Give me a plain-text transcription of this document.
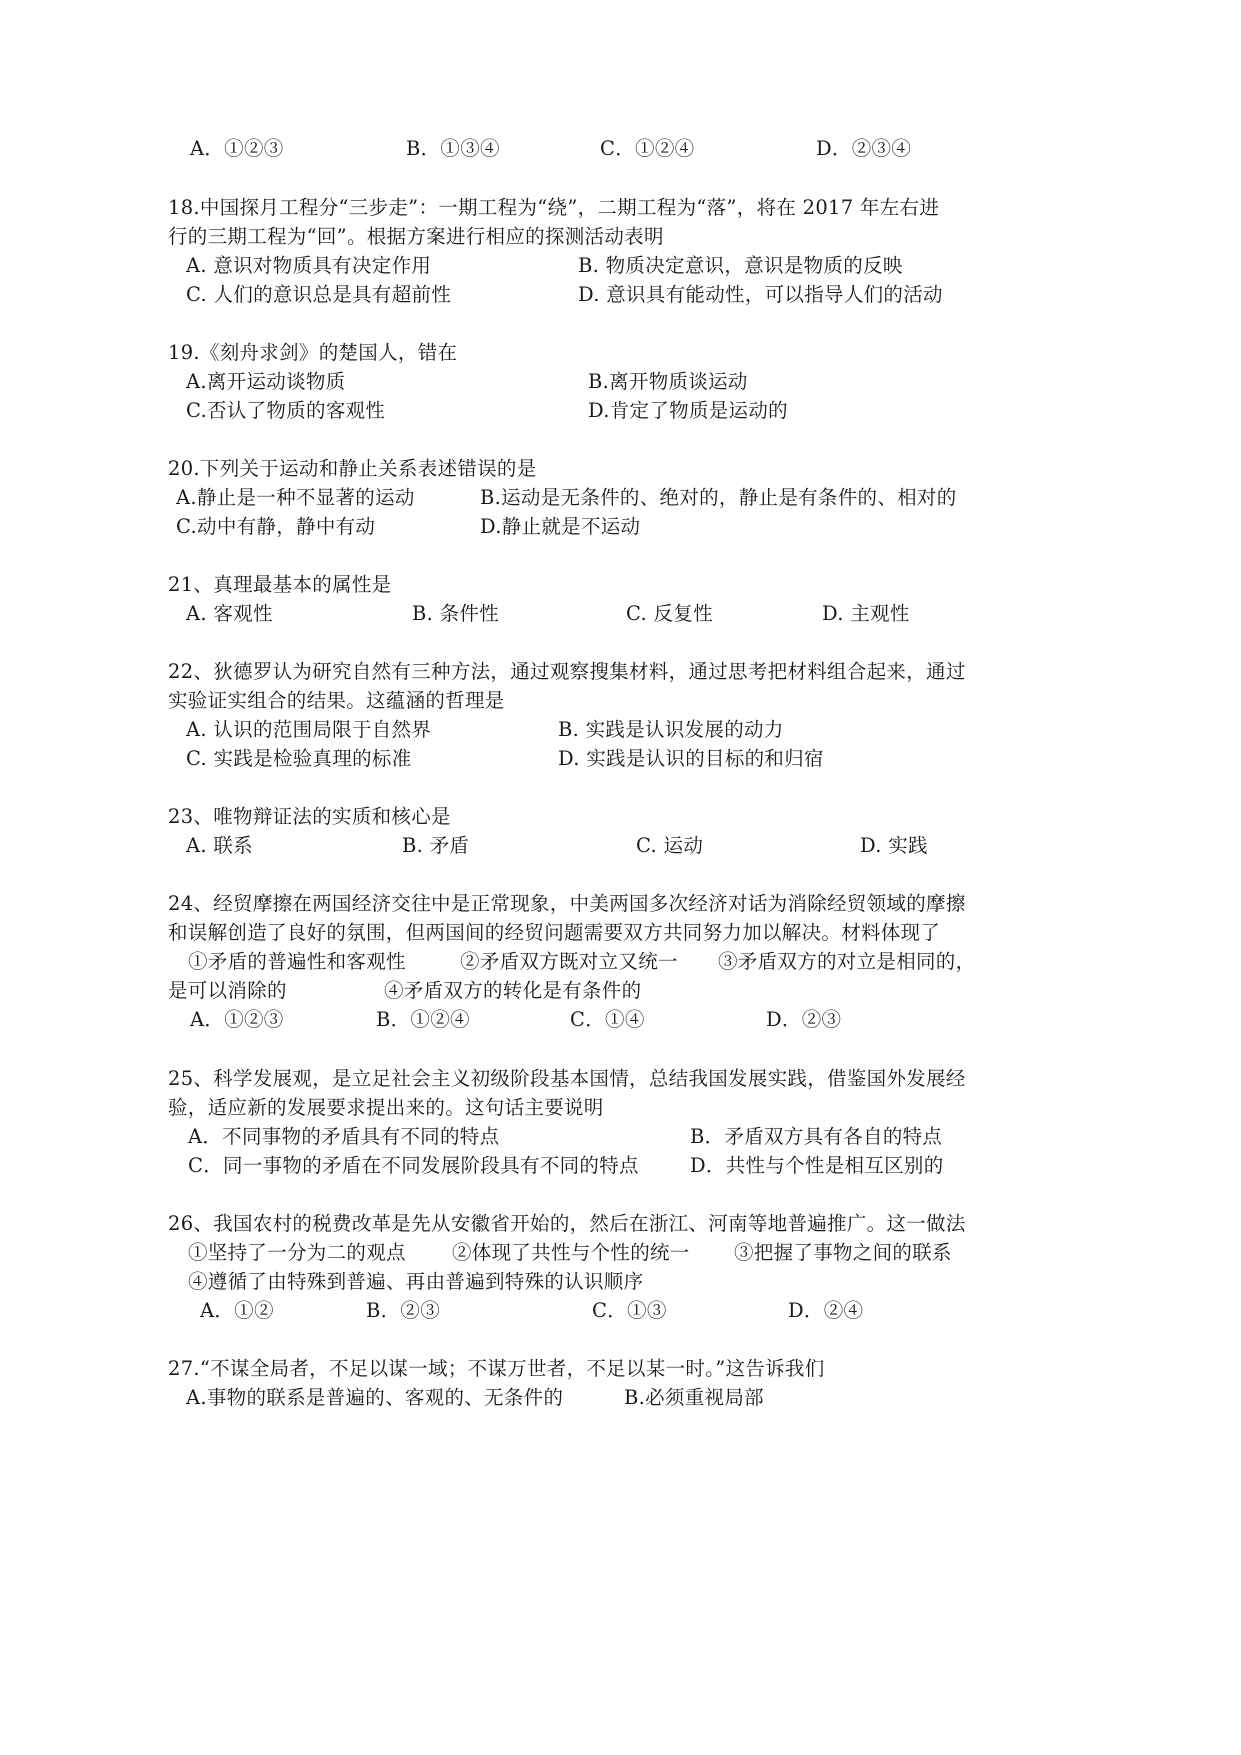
A．①②③	B．①③④	C．①②④	D．②③④
18.中国探月工程分“三步走”：一期工程为“绕”，二期工程为“落”，将在 2017 年左右进
行的三期工程为“回”。根据方案进行相应的探测活动表明
A. 意识对物质具有决定作用	B. 物质决定意识，意识是物质的反映
C. 人们的意识总是具有超前性	D. 意识具有能动性，可以指导人们的活动
19.《刻舟求剑》的楚国人，错在
A.离开运动谈物质	B.离开物质谈运动
C.否认了物质的客观性	D.肯定了物质是运动的
20.下列关于运动和静止关系表述错误的是
A.静止是一种不显著的运动	B.运动是无条件的、绝对的，静止是有条件的、相对的
C.动中有静，静中有动	D.静止就是不运动
21、真理最基本的属性是
A. 客观性	B. 条件性	C. 反复性	D. 主观性
22、狄德罗认为研究自然有三种方法，通过观察搜集材料，通过思考把材料组合起来，通过
实验证实组合的结果。这蕴涵的哲理是
A. 认识的范围局限于自然界	B. 实践是认识发展的动力
C. 实践是检验真理的标准	D. 实践是认识的目标的和归宿
23、唯物辩证法的实质和核心是
A. 联系	B. 矛盾	C. 运动	D. 实践
24、经贸摩擦在两国经济交往中是正常现象，中美两国多次经济对话为消除经贸领域的摩擦
和误解创造了良好的氛围，但两国间的经贸问题需要双方共同努力加以解决。材料体现了
①矛盾的普遍性和客观性	②矛盾双方既对立又统一 ③矛盾双方的对立是相同的，
是可以消除的	④矛盾双方的转化是有条件的
A．①②③	B．①②④	C．①④	D．②③
25、科学发展观，是立足社会主义初级阶段基本国情，总结我国发展实践，借鉴国外发展经
验，适应新的发展要求提出来的。这句话主要说明
A．不同事物的矛盾具有不同的特点	B．矛盾双方具有各自的特点
C．同一事物的矛盾在不同发展阶段具有不同的特点	D．共性与个性是相互区别的
26、我国农村的税费改革是先从安徽省开始的，然后在浙江、河南等地普遍推广。这一做法
①坚持了一分为二的观点 ②体现了共性与个性的统一 ③把握了事物之间的联系
④遵循了由特殊到普遍、再由普遍到特殊的认识顺序
A．①②	B．②③	C．①③	D．②④
27.“不谋全局者，不足以谋一域；不谋万世者，不足以某一时。”这告诉我们
A.事物的联系是普遍的、客观的、无条件的	B.必须重视局部
